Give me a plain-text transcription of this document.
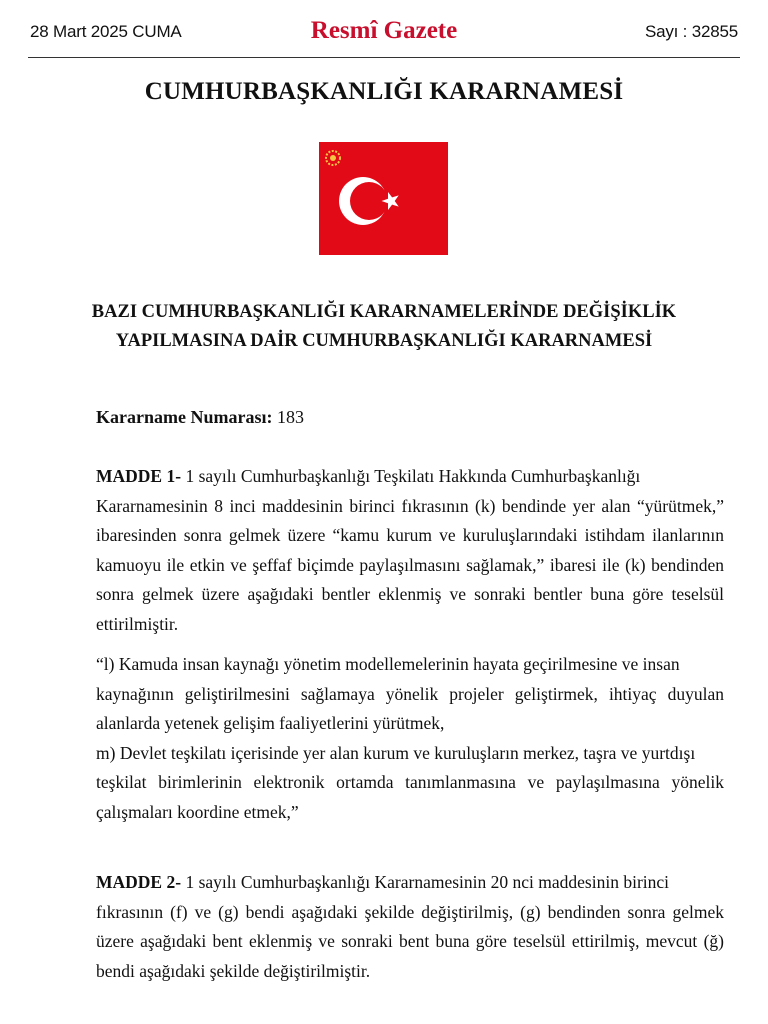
28 Mart 2025 CUMA	Resmî Gazete	Sayı : 32855
CUMHURBAŞKANLIĞI KARARNAMESİ
BAZI CUMHURBAŞKANLIĞI KARARNAMELERİNDE DEĞİŞİKLİK
YAPILMASINA DAİR CUMHURBAŞKANLIĞI KARARNAMESİ
Kararname Numarası: 183

MADDE 1- 1 sayılı Cumhurbaşkanlığı Teşkilatı Hakkında Cumhurbaşkanlığı

Kararnamesinin 8 inci maddesinin birinci fıkrasının (k) bendinde yer alan “yürütmek,” ibaresinden sonra gelmek üzere “kamu kurum ve kuruluşlarındaki istihdam ilanlarının kamuoyu ile etkin ve şeffaf biçimde paylaşılmasını sağlamak,” ibaresi ile (k) bendinden sonra gelmek üzere aşağıdaki bentler eklenmiş ve sonraki bentler buna göre teselsül ettirilmiştir.

“l) Kamuda insan kaynağı yönetim modellemelerinin hayata geçirilmesine ve insan

kaynağının geliştirilmesini sağlamaya yönelik projeler geliştirmek, ihtiyaç duyulan alanlarda yetenek gelişim faaliyetlerini yürütmek,

m) Devlet teşkilatı içerisinde yer alan kurum ve kuruluşların merkez, taşra ve yurtdışı

teşkilat birimlerinin elektronik ortamda tanımlanmasına ve paylaşılmasına yönelik çalışmaları koordine etmek,”

MADDE 2- 1 sayılı Cumhurbaşkanlığı Kararnamesinin 20 nci maddesinin birinci

fıkrasının (f) ve (g) bendi aşağıdaki şekilde değiştirilmiş, (g) bendinden sonra gelmek üzere aşağıdaki bent eklenmiş ve sonraki bent buna göre teselsül ettirilmiş, mevcut (ğ) bendi aşağıdaki şekilde değiştirilmiştir.
